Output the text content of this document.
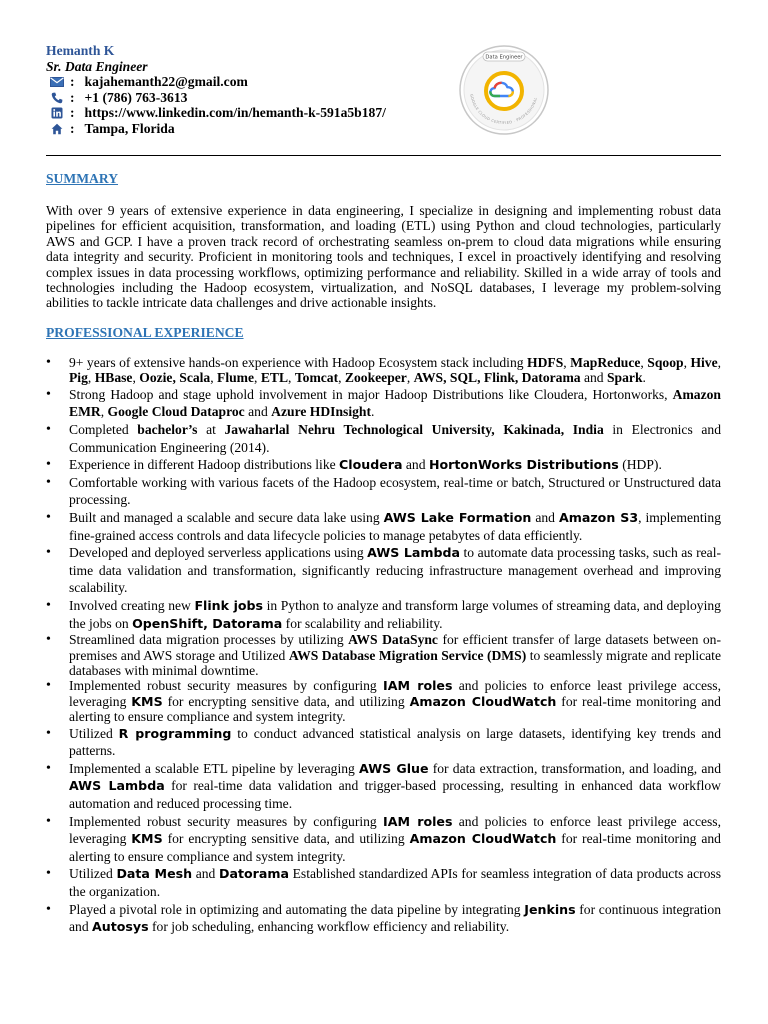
Hemanth K
Sr. Data Engineer
: kajahemanth22@gmail.com
: +1 (786) 763-3613
: https://www.linkedin.com/in/hemanth-k-591a5b187/
: Tampa, Florida
Data Engineer
GOOGLE CLOUD CERTIFIED · PROFESSIONAL
SUMMARY
With over 9 years of extensive experience in data engineering, I specialize in designing and implementing robust data pipelines for efficient acquisition, transformation, and loading (ETL) using Python and cloud technologies, particularly AWS and GCP. I have a proven track record of orchestrating seamless on-prem to cloud data migrations while ensuring data integrity and security. Proficient in monitoring tools and techniques, I excel in proactively identifying and resolving complex issues in data processing workflows, optimizing performance and reliability. Skilled in a wide array of tools and technologies including the Hadoop ecosystem, virtualization, and NoSQL databases, I leverage my problem-solving abilities to tackle intricate data challenges and drive actionable insights.
PROFESSIONAL EXPERIENCE
• 9+ years of extensive hands-on experience with Hadoop Ecosystem stack including HDFS, MapReduce, Sqoop, Hive, Pig, HBase, Oozie, Scala, Flume, ETL, Tomcat, Zookeeper, AWS, SQL, Flink, Datorama and Spark.
• Strong Hadoop and stage uphold involvement in major Hadoop Distributions like Cloudera, Hortonworks, Amazon EMR, Google Cloud Dataproc and Azure HDInsight.
• Completed bachelor’s at Jawaharlal Nehru Technological University, Kakinada, India in Electronics and Communication Engineering (2014).
• Experience in different Hadoop distributions like Cloudera and HortonWorks Distributions (HDP).
• Comfortable working with various facets of the Hadoop ecosystem, real-time or batch, Structured or Unstructured data processing.
• Built and managed a scalable and secure data lake using AWS Lake Formation and Amazon S3, implementing fine-grained access controls and data lifecycle policies to manage petabytes of data efficiently.
• Developed and deployed serverless applications using AWS Lambda to automate data processing tasks, such as real-time data validation and transformation, significantly reducing infrastructure management overhead and improving scalability.
• Involved creating new Flink jobs in Python to analyze and transform large volumes of streaming data, and deploying the jobs on OpenShift, Datorama for scalability and reliability.
• Streamlined data migration processes by utilizing AWS DataSync for efficient transfer of large datasets between on-premises and AWS storage and Utilized AWS Database Migration Service (DMS) to seamlessly migrate and replicate databases with minimal downtime.
• Implemented robust security measures by configuring IAM roles and policies to enforce least privilege access, leveraging KMS for encrypting sensitive data, and utilizing Amazon CloudWatch for real-time monitoring and alerting to ensure compliance and system integrity.
• Utilized R programming to conduct advanced statistical analysis on large datasets, identifying key trends and patterns.
• Implemented a scalable ETL pipeline by leveraging AWS Glue for data extraction, transformation, and loading, and AWS Lambda for real-time data validation and trigger-based processing, resulting in enhanced data workflow automation and reduced processing time.
• Implemented robust security measures by configuring IAM roles and policies to enforce least privilege access, leveraging KMS for encrypting sensitive data, and utilizing Amazon CloudWatch for real-time monitoring and alerting to ensure compliance and system integrity.
• Utilized Data Mesh and Datorama Established standardized APIs for seamless integration of data products across the organization.
• Played a pivotal role in optimizing and automating the data pipeline by integrating Jenkins for continuous integration and Autosys for job scheduling, enhancing workflow efficiency and reliability.
